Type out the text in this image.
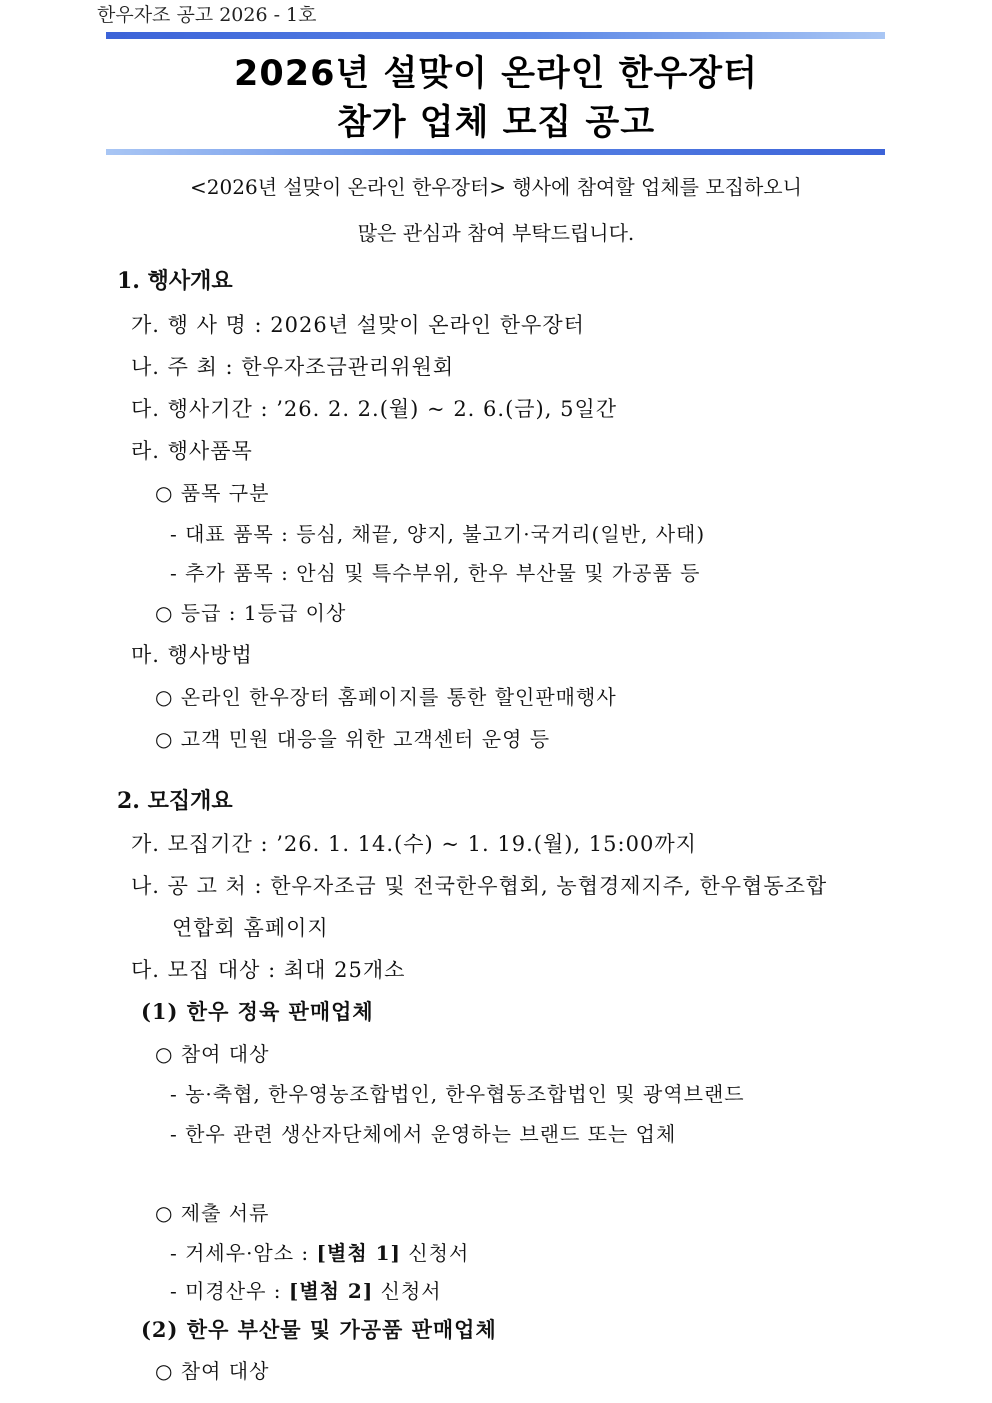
한우자조 공고 2026 - 1호
2026년 설맞이 온라인 한우장터
참가 업체 모집 공고
<2026년 설맞이 온라인 한우장터> 행사에 참여할 업체를 모집하오니
많은 관심과 참여 부탁드립니다.
1. 행사개요
가. 행 사 명 : 2026년 설맞이 온라인 한우장터
나. 주 최 : 한우자조금관리위원회
다. 행사기간 : ’26. 2. 2.(월) ~ 2. 6.(금), 5일간
라. 행사품목
○ 품목 구분
- 대표 품목 : 등심, 채끝, 양지, 불고기·국거리(일반, 사태)
- 추가 품목 : 안심 및 특수부위, 한우 부산물 및 가공품 등
○ 등급 : 1등급 이상
마. 행사방법
○ 온라인 한우장터 홈페이지를 통한 할인판매행사
○ 고객 민원 대응을 위한 고객센터 운영 등
2. 모집개요
가. 모집기간 : ’26. 1. 14.(수) ~ 1. 19.(월), 15:00까지
나. 공 고 처 : 한우자조금 및 전국한우협회, 농협경제지주, 한우협동조합
연합회 홈페이지
다. 모집 대상 : 최대 25개소
(1) 한우 정육 판매업체
○ 참여 대상
- 농·축협, 한우영농조합법인, 한우협동조합법인 및 광역브랜드
- 한우 관련 생산자단체에서 운영하는 브랜드 또는 업체
○ 제출 서류
- 거세우·암소 : [별첨 1] 신청서
- 미경산우 : [별첨 2] 신청서
(2) 한우 부산물 및 가공품 판매업체
○ 참여 대상
